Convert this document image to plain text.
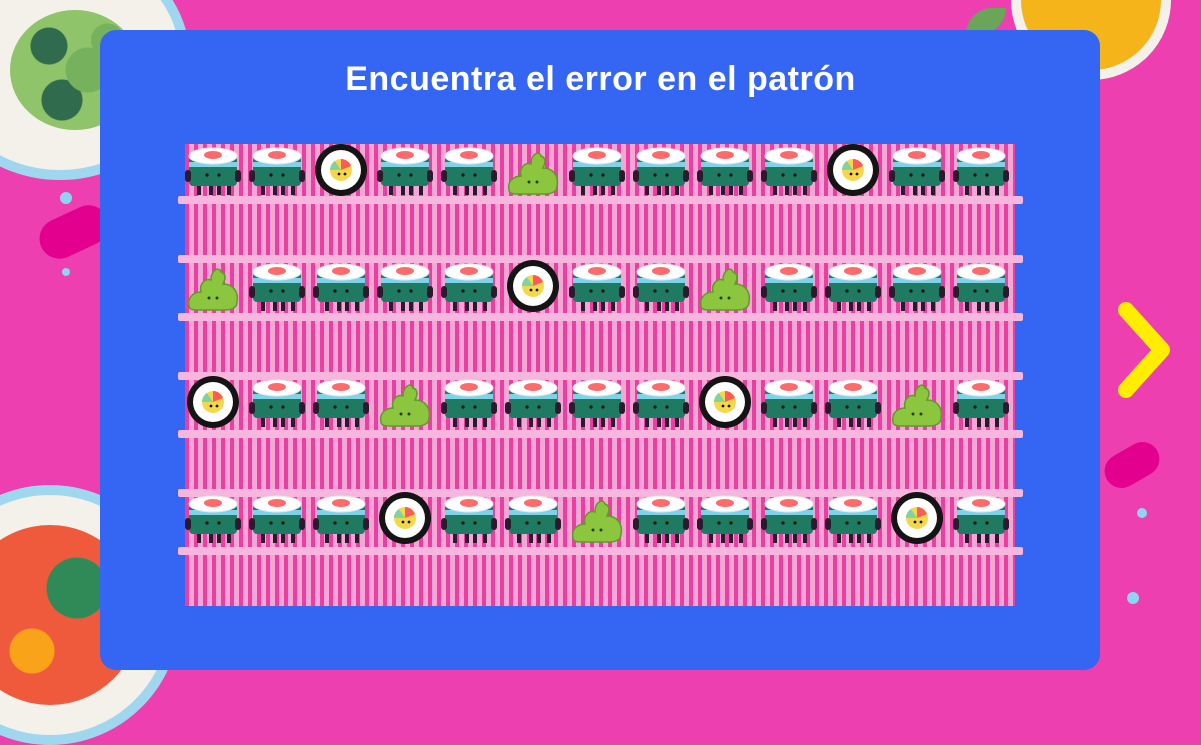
Encuentra el error en el patrón
